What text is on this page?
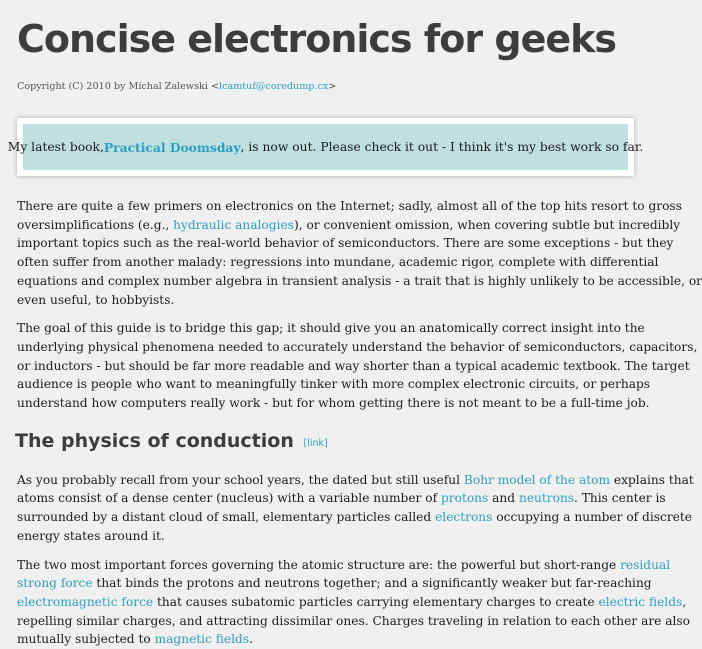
Concise electronics for geeks
Copyright (C) 2010 by Michal Zalewski <lcamtuf@coredump.cx>
My latest book, Practical Doomsday , is now out. Please check it out - I think it's my best work so far.
There are quite a few primers on electronics on the Internet; sadly, almost all of the top hits resort to gross
oversimplifications (e.g., hydraulic analogies), or convenient omission, when covering subtle but incredibly
important topics such as the real-world behavior of semiconductors. There are some exceptions - but they
often suffer from another malady: regressions into mundane, academic rigor, complete with differential
equations and complex number algebra in transient analysis - a trait that is highly unlikely to be accessible, or
even useful, to hobbyists.
The goal of this guide is to bridge this gap; it should give you an anatomically correct insight into the
underlying physical phenomena needed to accurately understand the behavior of semiconductors, capacitors,
or inductors - but should be far more readable and way shorter than a typical academic textbook. The target
audience is people who want to meaningfully tinker with more complex electronic circuits, or perhaps
understand how computers really work - but for whom getting there is not meant to be a full-time job.
The physics of conduction [link]
As you probably recall from your school years, the dated but still useful Bohr model of the atom explains that
atoms consist of a dense center (nucleus) with a variable number of protons and neutrons. This center is
surrounded by a distant cloud of small, elementary particles called electrons occupying a number of discrete
energy states around it.
The two most important forces governing the atomic structure are: the powerful but short-range residual
strong force that binds the protons and neutrons together; and a significantly weaker but far-reaching
electromagnetic force that causes subatomic particles carrying elementary charges to create electric fields,
repelling similar charges, and attracting dissimilar ones. Charges traveling in relation to each other are also
mutually subjected to magnetic fields.
